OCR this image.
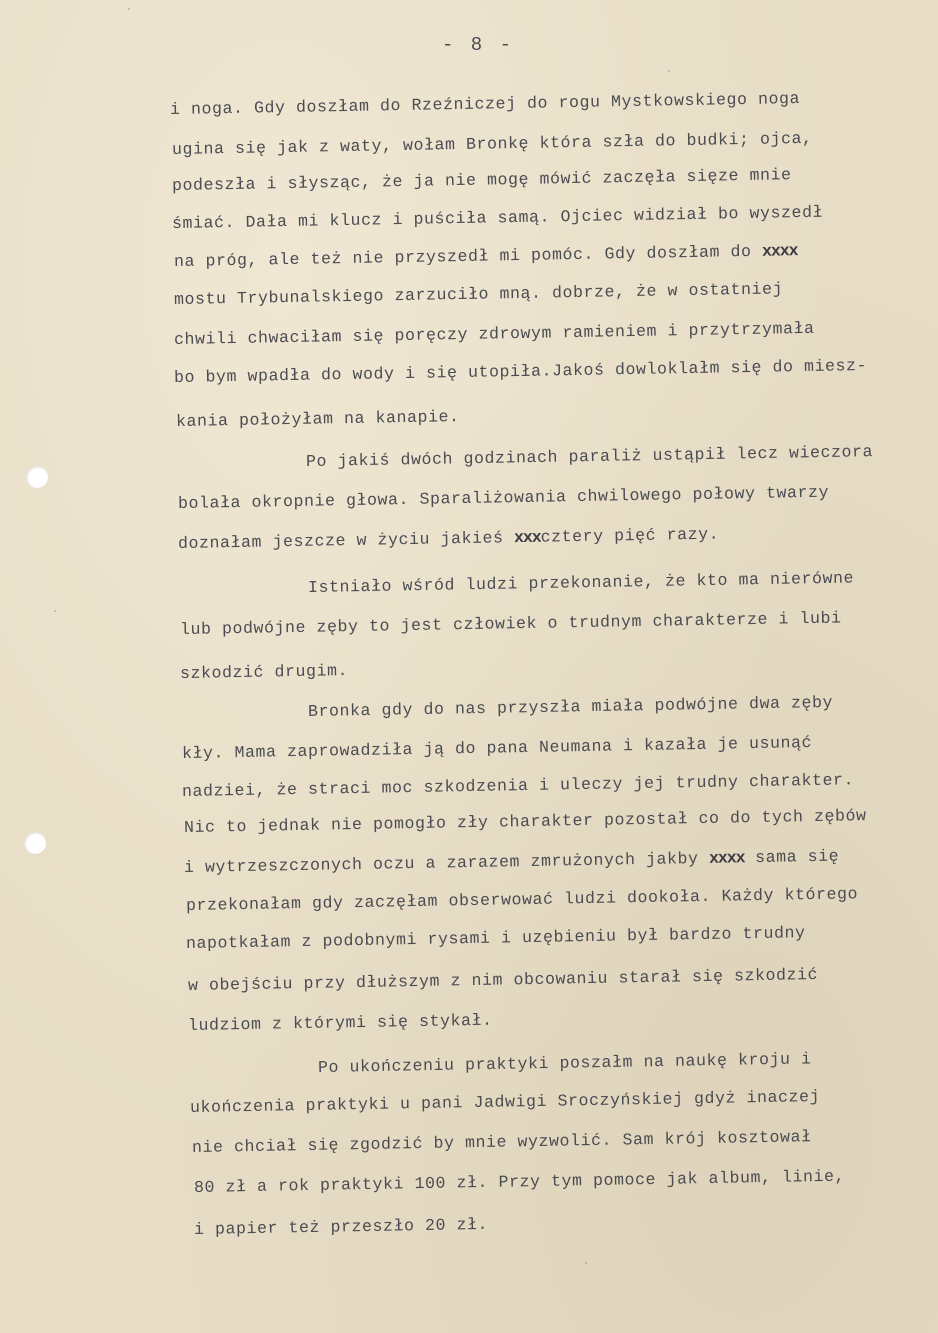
- 8 -
i noga. Gdy doszłam do Rzeźniczej do rogu Mystkowskiego noga
ugina się jak z waty, wołam Bronkę która szła do budki; ojca,
podeszła i słysząc, że ja nie mogę mówić zaczęła sięze mnie
śmiać. Dała mi klucz i puściła samą. Ojciec widział bo wyszedł
na próg, ale też nie przyszedł mi pomóc. Gdy doszłam do xxxx
mostu Trybunalskiego zarzuciło mną. dobrze, że w ostatniej
chwili chwaciłam się poręczy zdrowym ramieniem i przytrzymała
bo bym wpadła do wody i się utopiła.Jakoś dowloklałm się do miesz-
kania położyłam na kanapie.
Po jakiś dwóch godzinach paraliż ustąpił lecz wieczora
bolała okropnie głowa. Sparaliżowania chwilowego połowy twarzy
doznałam jeszcze w życiu jakieś xxxcztery pięć razy.
Istniało wśród ludzi przekonanie, że kto ma nierówne
lub podwójne zęby to jest człowiek o trudnym charakterze i lubi
szkodzić drugim.
Bronka gdy do nas przyszła miała podwójne dwa zęby
kły. Mama zaprowadziła ją do pana Neumana i kazała je usunąć
nadziei, że straci moc szkodzenia i uleczy jej trudny charakter.
Nic to jednak nie pomogło zły charakter pozostał co do tych zębów
i wytrzeszczonych oczu a zarazem zmrużonych jakby xxxx sama się
przekonałam gdy zaczęłam obserwować ludzi dookoła. Każdy którego
napotkałam z podobnymi rysami i uzębieniu był bardzo trudny
w obejściu przy dłuższym z nim obcowaniu starał się szkodzić
ludziom z którymi się stykał.
Po ukończeniu praktyki poszałm na naukę kroju i
ukończenia praktyki u pani Jadwigi Sroczyńskiej gdyż inaczej
nie chciał się zgodzić by mnie wyzwolić. Sam krój kosztował
80 zł a rok praktyki 100 zł. Przy tym pomoce jak album, linie,
i papier też przeszło 20 zł.
